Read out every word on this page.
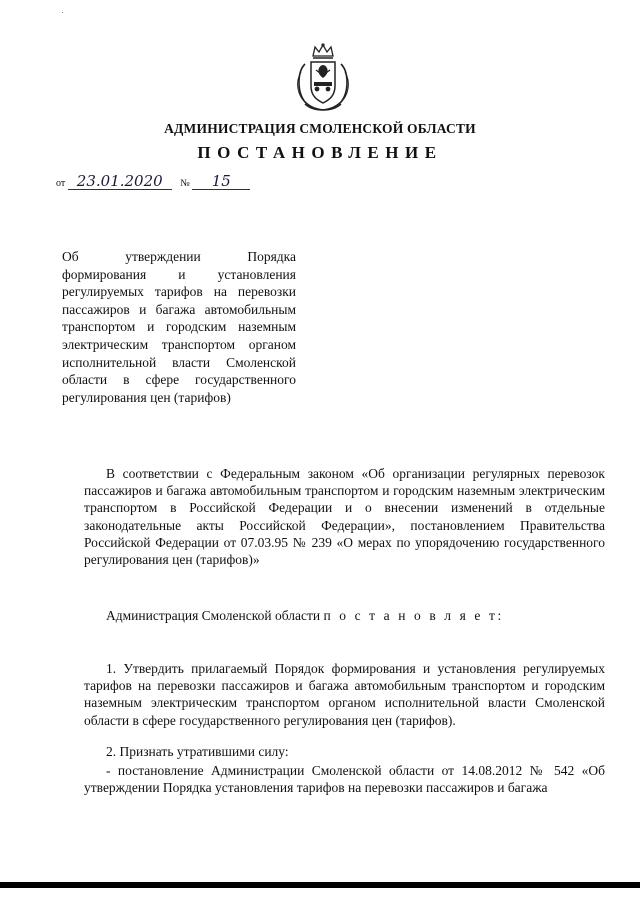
АДМИНИСТРАЦИЯ СМОЛЕНСКОЙ ОБЛАСТИ
ПОСТАНОВЛЕНИЕ
от 23.01.2020 № 15
Об утверждении Порядка формирования и установления регулируемых тарифов на перевозки пассажиров и багажа автомобильным транспортом и городским наземным электрическим транспортом органом исполнительной власти Смоленской области в сфере государственного регулирования цен (тарифов)
В соответствии с Федеральным законом «Об организации регулярных перевозок пассажиров и багажа автомобильным транспортом и городским наземным электрическим транспортом в Российской Федерации и о внесении изменений в отдельные законодательные акты Российской Федерации», постановлением Правительства Российской Федерации от 07.03.95 № 239 «О мерах по упорядочению государственного регулирования цен (тарифов)»
Администрация Смоленской области п о с т а н о в л я е т:
1. Утвердить прилагаемый Порядок формирования и установления регулируемых тарифов на перевозки пассажиров и багажа автомобильным транспортом и городским наземным электрическим транспортом органом исполнительной власти Смоленской области в сфере государственного регулирования цен (тарифов).
2. Признать утратившими силу:
- постановление Администрации Смоленской области от 14.08.2012 № 542 «Об утверждении Порядка установления тарифов на перевозки пассажиров и багажа
